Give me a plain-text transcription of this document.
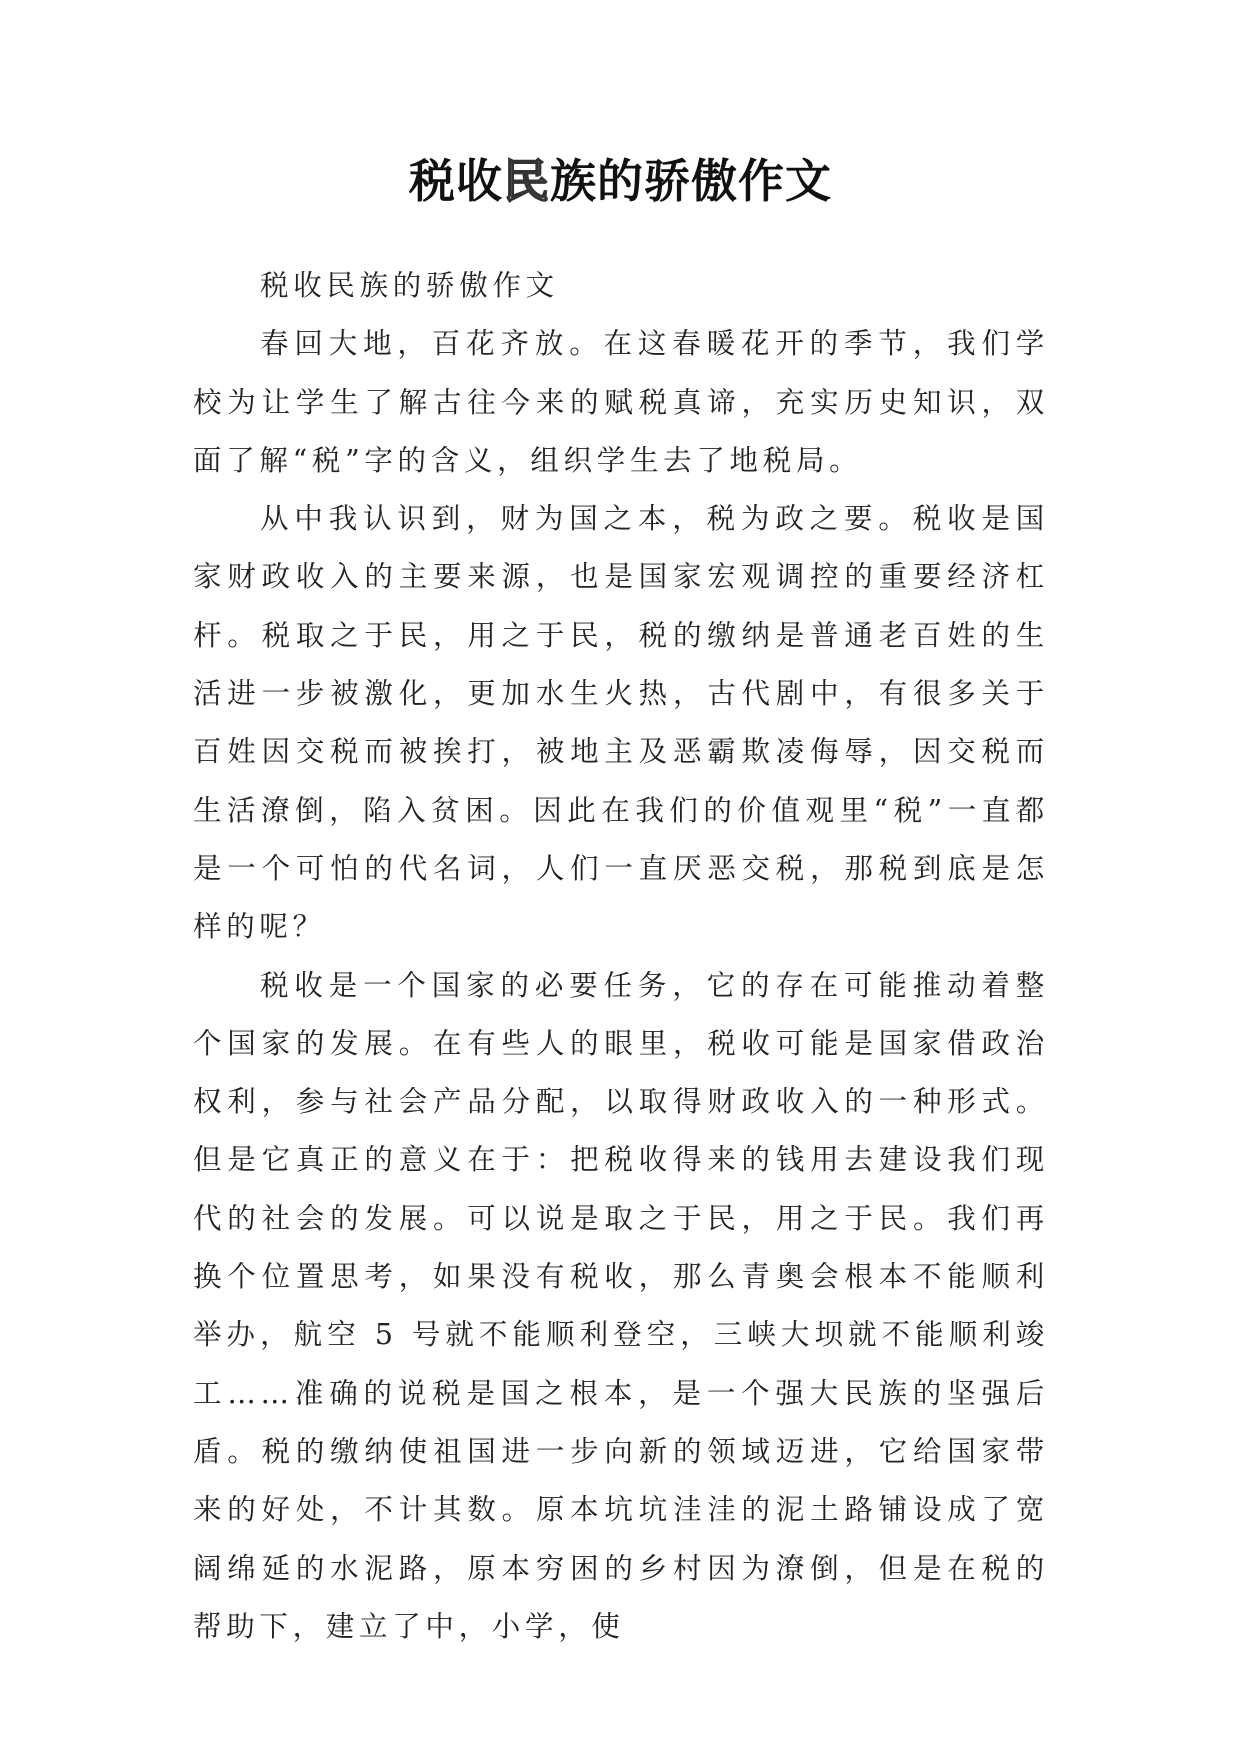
税收民族的骄傲作文

税收民族的骄傲作文

春回大地，百花齐放。在这春暖花开的季节，我们学校为让学生了解古往今来的赋税真谛，充实历史知识，双面了解“税”字的含义，组织学生去了地税局。

从中我认识到，财为国之本，税为政之要。税收是国家财政收入的主要来源，也是国家宏观调控的重要经济杠杆。税取之于民，用之于民，税的缴纳是普通老百姓的生活进一步被激化，更加水生火热，古代剧中，有很多关于百姓因交税而被挨打，被地主及恶霸欺凌侮辱，因交税而生活潦倒，陷入贫困。因此在我们的价值观里“税”一直都是一个可怕的代名词，人们一直厌恶交税，那税到底是怎样的呢？

税收是一个国家的必要任务，它的存在可能推动着整个国家的发展。在有些人的眼里，税收可能是国家借政治权利，参与社会产品分配，以取得财政收入的一种形式。但是它真正的意义在于：把税收得来的钱用去建设我们现代的社会的发展。可以说是取之于民，用之于民。我们再换个位置思考，如果没有税收，那么青奥会根本不能顺利举办，航空 5 号就不能顺利登空，三峡大坝就不能顺利竣工……准确的说税是国之根本，是一个强大民族的坚强后盾。税的缴纳使祖国进一步向新的领域迈进，它给国家带来的好处，不计其数。原本坑坑洼洼的泥土路铺设成了宽阔绵延的水泥路，原本穷困的乡村因为潦倒，但是在税的帮助下，建立了中，小学，使
